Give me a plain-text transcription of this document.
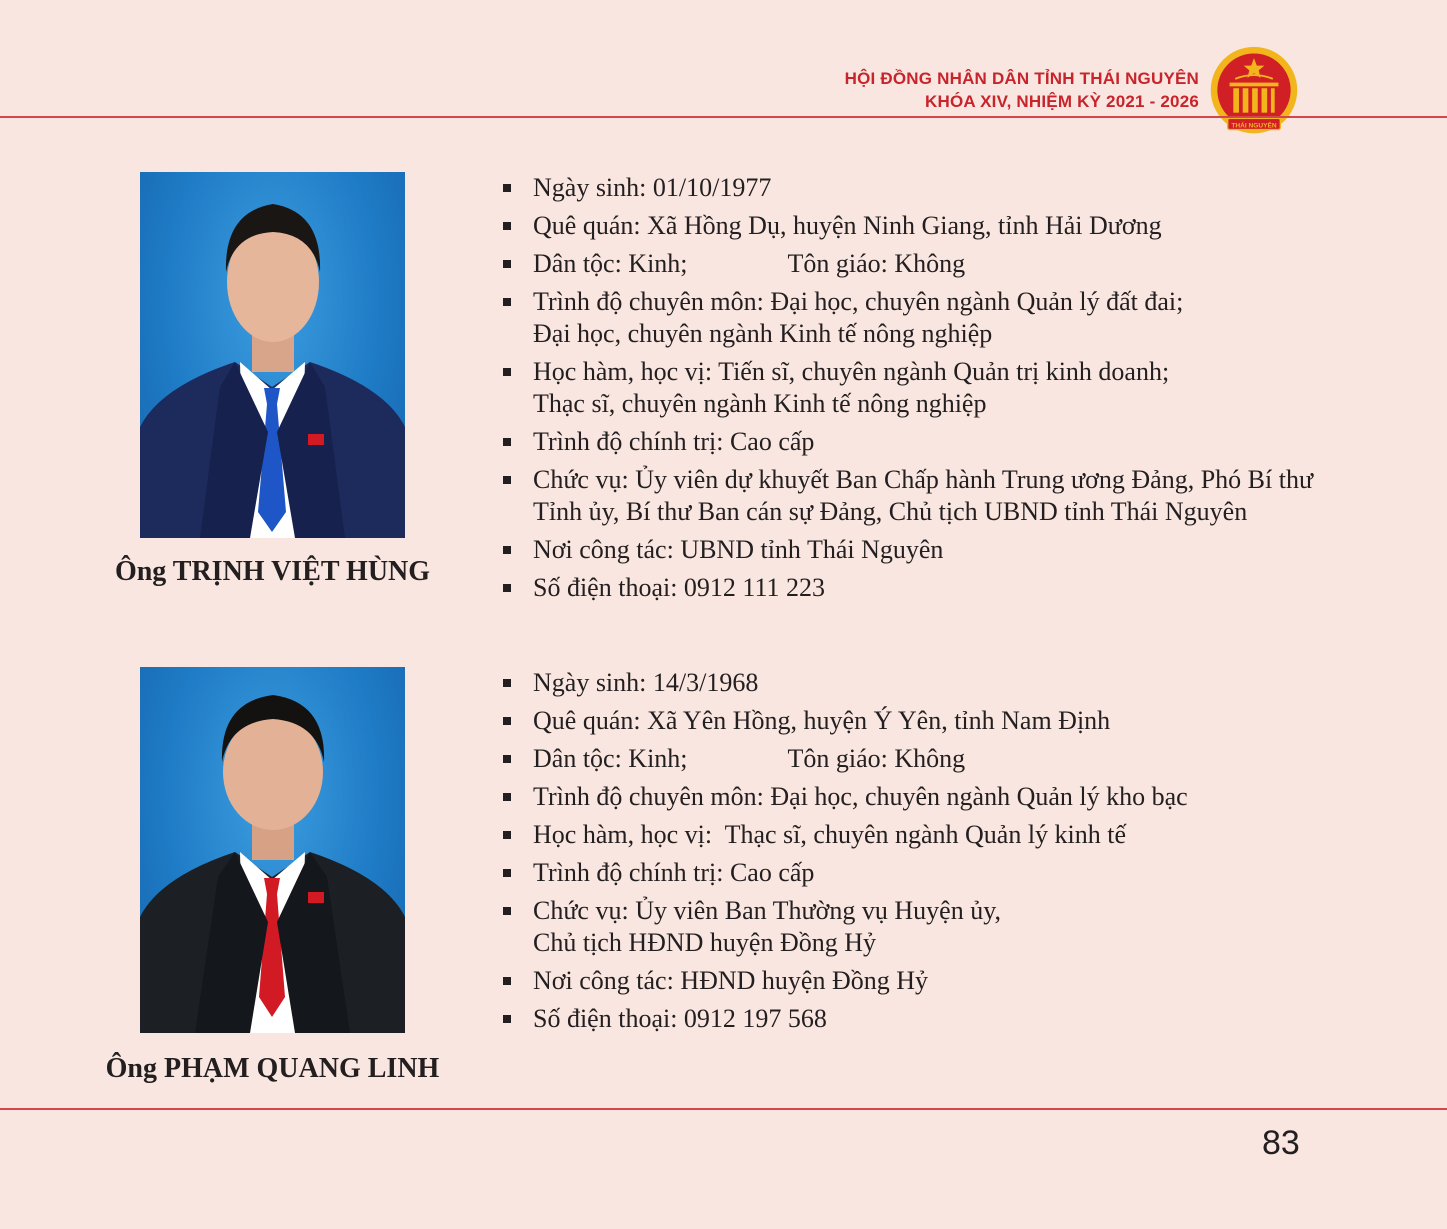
HỘI ĐỒNG NHÂN DÂN TỈNH THÁI NGUYÊN
KHÓA XIV, NHIỆM KỲ 2021 - 2026
THÁI NGUYÊN
Ông TRỊNH VIỆT HÙNG
Ngày sinh: 01/10/1977
Quê quán: Xã Hồng Dụ, huyện Ninh Giang, tỉnh Hải Dương
Dân tộc: Kinh;	Tôn giáo: Không
Trình độ chuyên môn: Đại học, chuyên ngành Quản lý đất đai;
Đại học, chuyên ngành Kinh tế nông nghiệp
Học hàm, học vị: Tiến sĩ, chuyên ngành Quản trị kinh doanh;
Thạc sĩ, chuyên ngành Kinh tế nông nghiệp
Trình độ chính trị: Cao cấp
Chức vụ: Ủy viên dự khuyết Ban Chấp hành Trung ương Đảng, Phó Bí thư
Tỉnh ủy, Bí thư Ban cán sự Đảng, Chủ tịch UBND tỉnh Thái Nguyên
Nơi công tác: UBND tỉnh Thái Nguyên
Số điện thoại: 0912 111 223
Ông PHẠM QUANG LINH
Ngày sinh: 14/3/1968
Quê quán: Xã Yên Hồng, huyện Ý Yên, tỉnh Nam Định
Dân tộc: Kinh;	Tôn giáo: Không
Trình độ chuyên môn: Đại học, chuyên ngành Quản lý kho bạc
Học hàm, học vị:  Thạc sĩ, chuyên ngành Quản lý kinh tế
Trình độ chính trị: Cao cấp
Chức vụ: Ủy viên Ban Thường vụ Huyện ủy,
Chủ tịch HĐND huyện Đồng Hỷ
Nơi công tác: HĐND huyện Đồng Hỷ
Số điện thoại: 0912 197 568
83
